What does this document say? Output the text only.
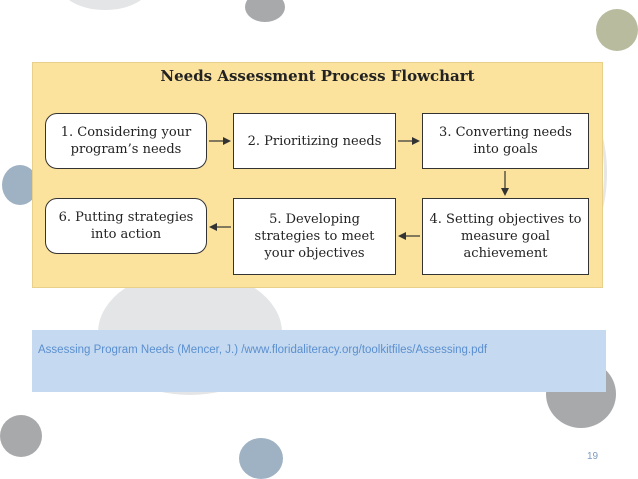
Needs Assessment Process Flowchart
1. Considering your program’s needs
2. Prioritizing needs
3. Converting needs into goals
4. Setting objectives to measure goal achievement
5. Developing strategies to meet your objectives
6. Putting strategies into action
Assessing Program Needs (Mencer, J.) /www.floridaliteracy.org/toolkitfiles/Assessing.pdf
19
